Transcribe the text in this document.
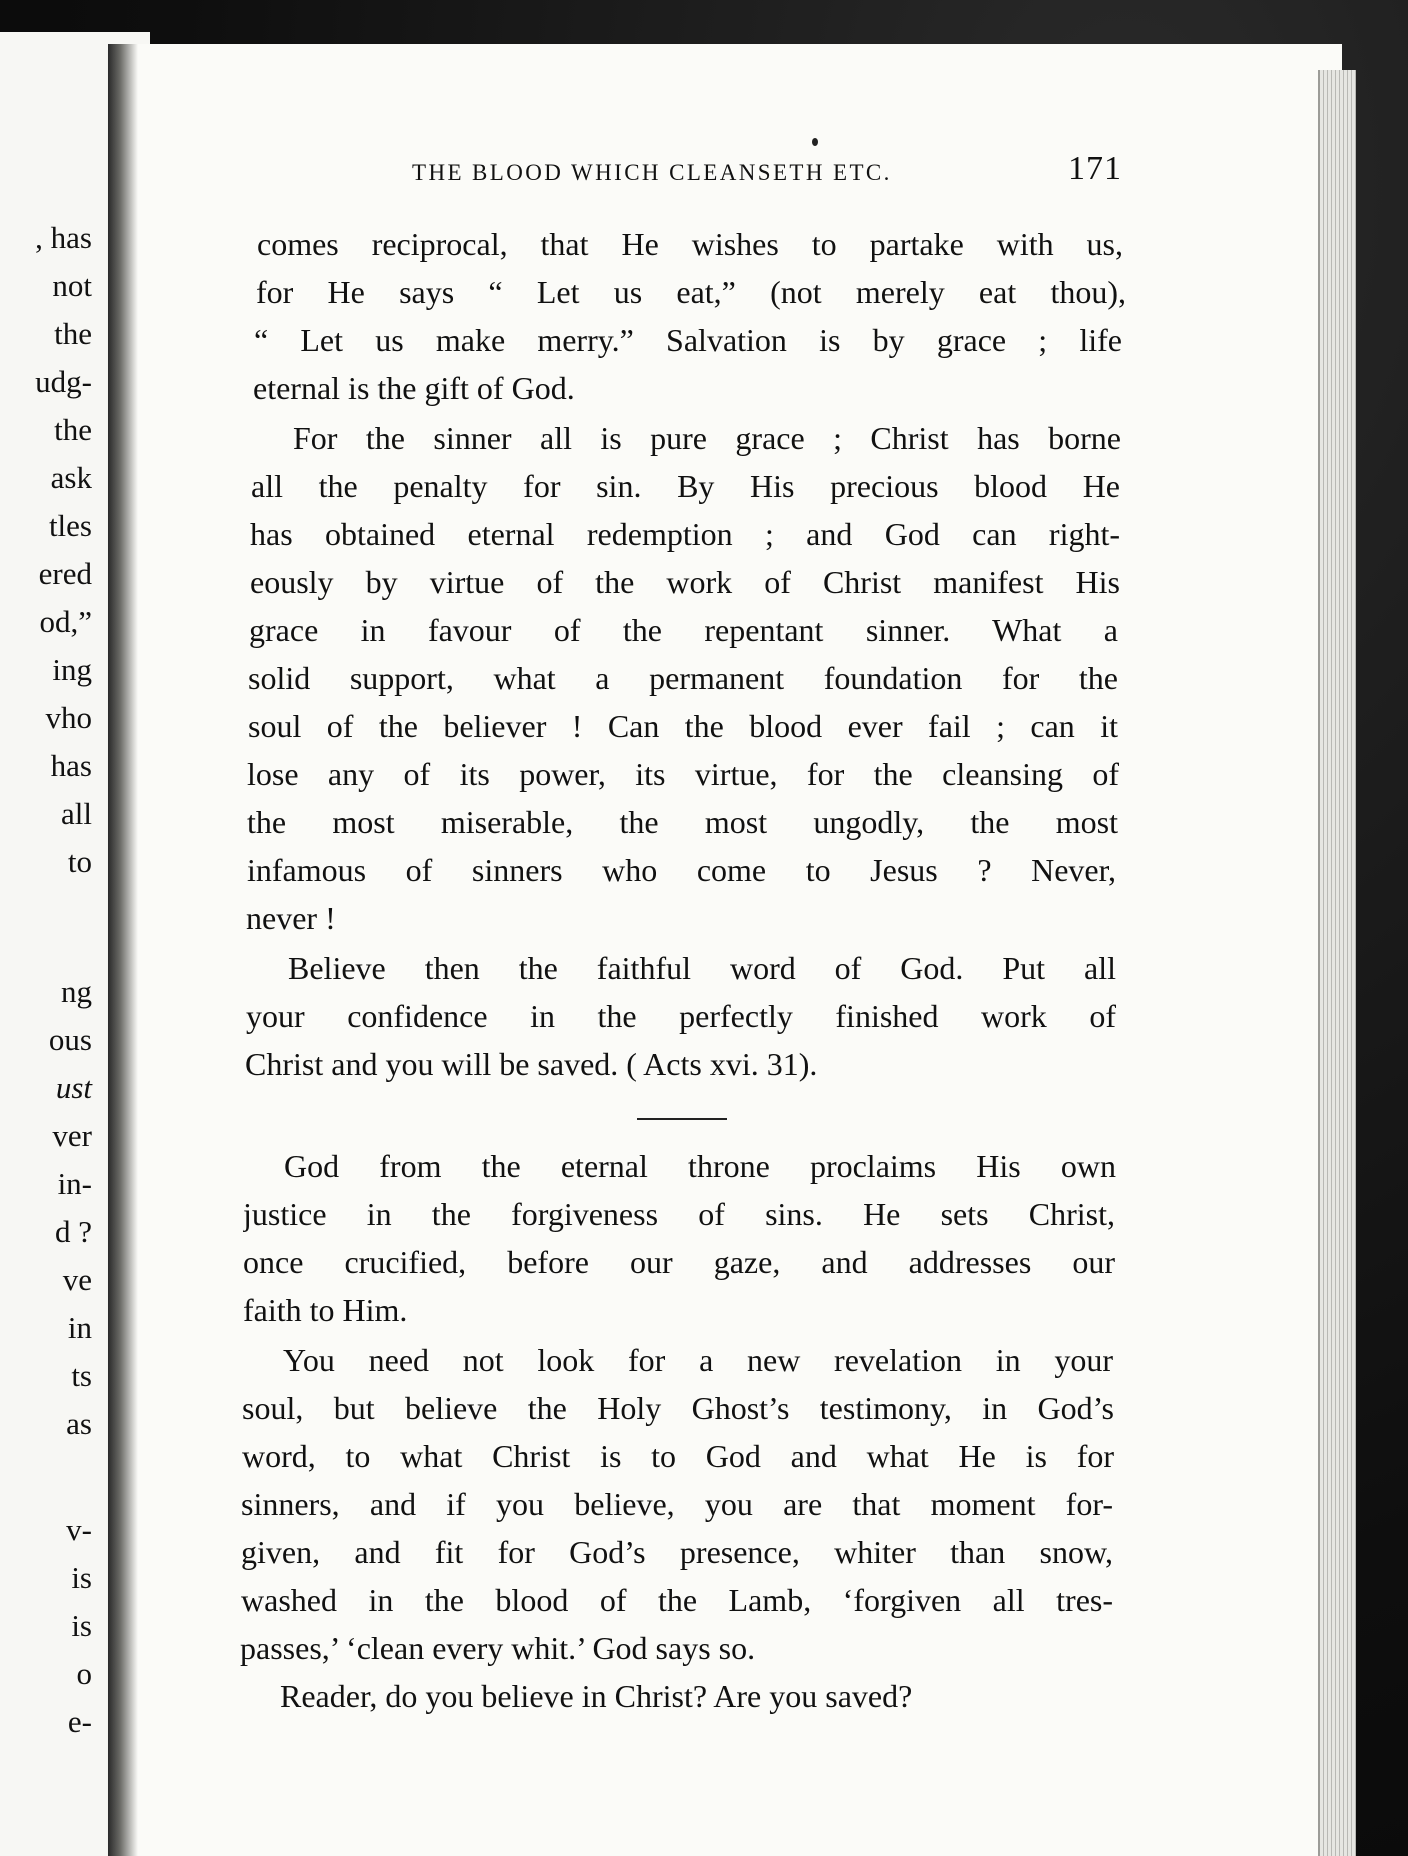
, has
not
the
udg-
the
ask
tles
ered
od,”
ing
vho
has
all
to
ng
ous
ust
ver
in-
d ?
ve
in
ts
as
v-
is
is
o
e-
THE BLOOD WHICH CLEANSETH ETC.	171
comes reciprocal, that He wishes to partake with us,
for He says “ Let us eat,” (not merely eat thou),
“ Let us make merry.” Salvation is by grace ; life
eternal is the gift of God.
For the sinner all is pure grace ; Christ has borne
all the penalty for sin. By His precious blood He
has obtained eternal redemption ; and God can right-
eously by virtue of the work of Christ manifest His
grace in favour of the repentant sinner. What a
solid support, what a permanent foundation for the
soul of the believer ! Can the blood ever fail ; can it
lose any of its power, its virtue, for the cleansing of
the most miserable, the most ungodly, the most
infamous of sinners who come to Jesus ? Never,
never !
Believe then the faithful word of God. Put all
your confidence in the perfectly finished work of
Christ and you will be saved. ( Acts xvi. 31).
God from the eternal throne proclaims His own
justice in the forgiveness of sins. He sets Christ,
once crucified, before our gaze, and addresses our
faith to Him.
You need not look for a new revelation in your
soul, but believe the Holy Ghost’s testimony, in God’s
word, to what Christ is to God and what He is for
sinners, and if you believe, you are that moment for-
given, and fit for God’s presence, whiter than snow,
washed in the blood of the Lamb, ‘forgiven all tres-
passes,’ ‘clean every whit.’ God says so.
Reader, do you believe in Christ? Are you saved?
